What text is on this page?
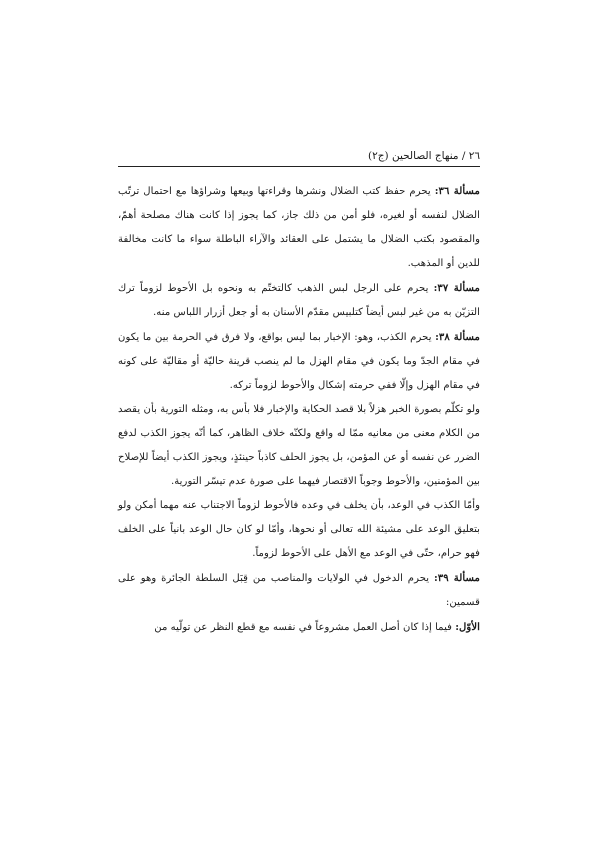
٢٦ / منهاج الصالحين (ج٢)

مسألة ٣٦: يحرم حفظ كتب الضلال ونشرها وقراءتها وبيعها وشراؤها مع احتمال ترتّب الضلال لنفسه أو لغيره، فلو أمن من ذلك جاز، كما يجوز إذا كانت هناك مصلحة أهمّ، والمقصود بكتب الضلال ما يشتمل على العقائد والآراء الباطلة سواء ما كانت مخالفة للدين أو المذهب.

مسألة ٣٧: يحرم على الرجل لبس الذهب كالتختّم به ونحوه بل الأحوط لزوماً ترك التزيّن به من غير لبس أيضاً كتلبيس مقدّم الأسنان به أو جعل أزرار اللباس منه.

مسألة ٣٨: يحرم الكذب، وهو: الإخبار بما ليس بواقع، ولا فرق في الحرمة بين ما يكون في مقام الجدّ وما يكون في مقام الهزل ما لم ينصب قرينة حاليّة أو مقاليّة على كونه في مقام الهزل وإلّا ففي حرمته إشكال والأحوط لزوماً تركه.

ولو تكلّم بصورة الخبر هزلاً بلا قصد الحكاية والإخبار فلا بأس به، ومثله التورية بأن يقصد من الكلام معنى من معانيه ممّا له واقع ولكنّه خلاف الظاهر، كما أنّه يجوز الكذب لدفع الضرر عن نفسه أو عن المؤمن، بل يجوز الحلف كاذباً حينئذٍ، ويجوز الكذب أيضاً للإصلاح بين المؤمنين، والأحوط وجوباً الاقتصار فيهما على صورة عدم تيسّر التورية.

وأمّا الكذب في الوعد، بأن يخلف في وعده فالأحوط لزوماً الاجتناب عنه مهما أمكن ولو بتعليق الوعد على مشيئة الله تعالى أو نحوها، وأمّا لو كان حال الوعد بانياً على الخلف فهو حرام، حتّى في الوعد مع الأهل على الأحوط لزوماً.

مسألة ٣٩: يحرم الدخول في الولايات والمناصب من قِبَل السلطة الجائرة وهو على قسمين:

الأوّل: فيما إذا كان أصل العمل مشروعاً في نفسه مع قطع النظر عن تولّيه من
